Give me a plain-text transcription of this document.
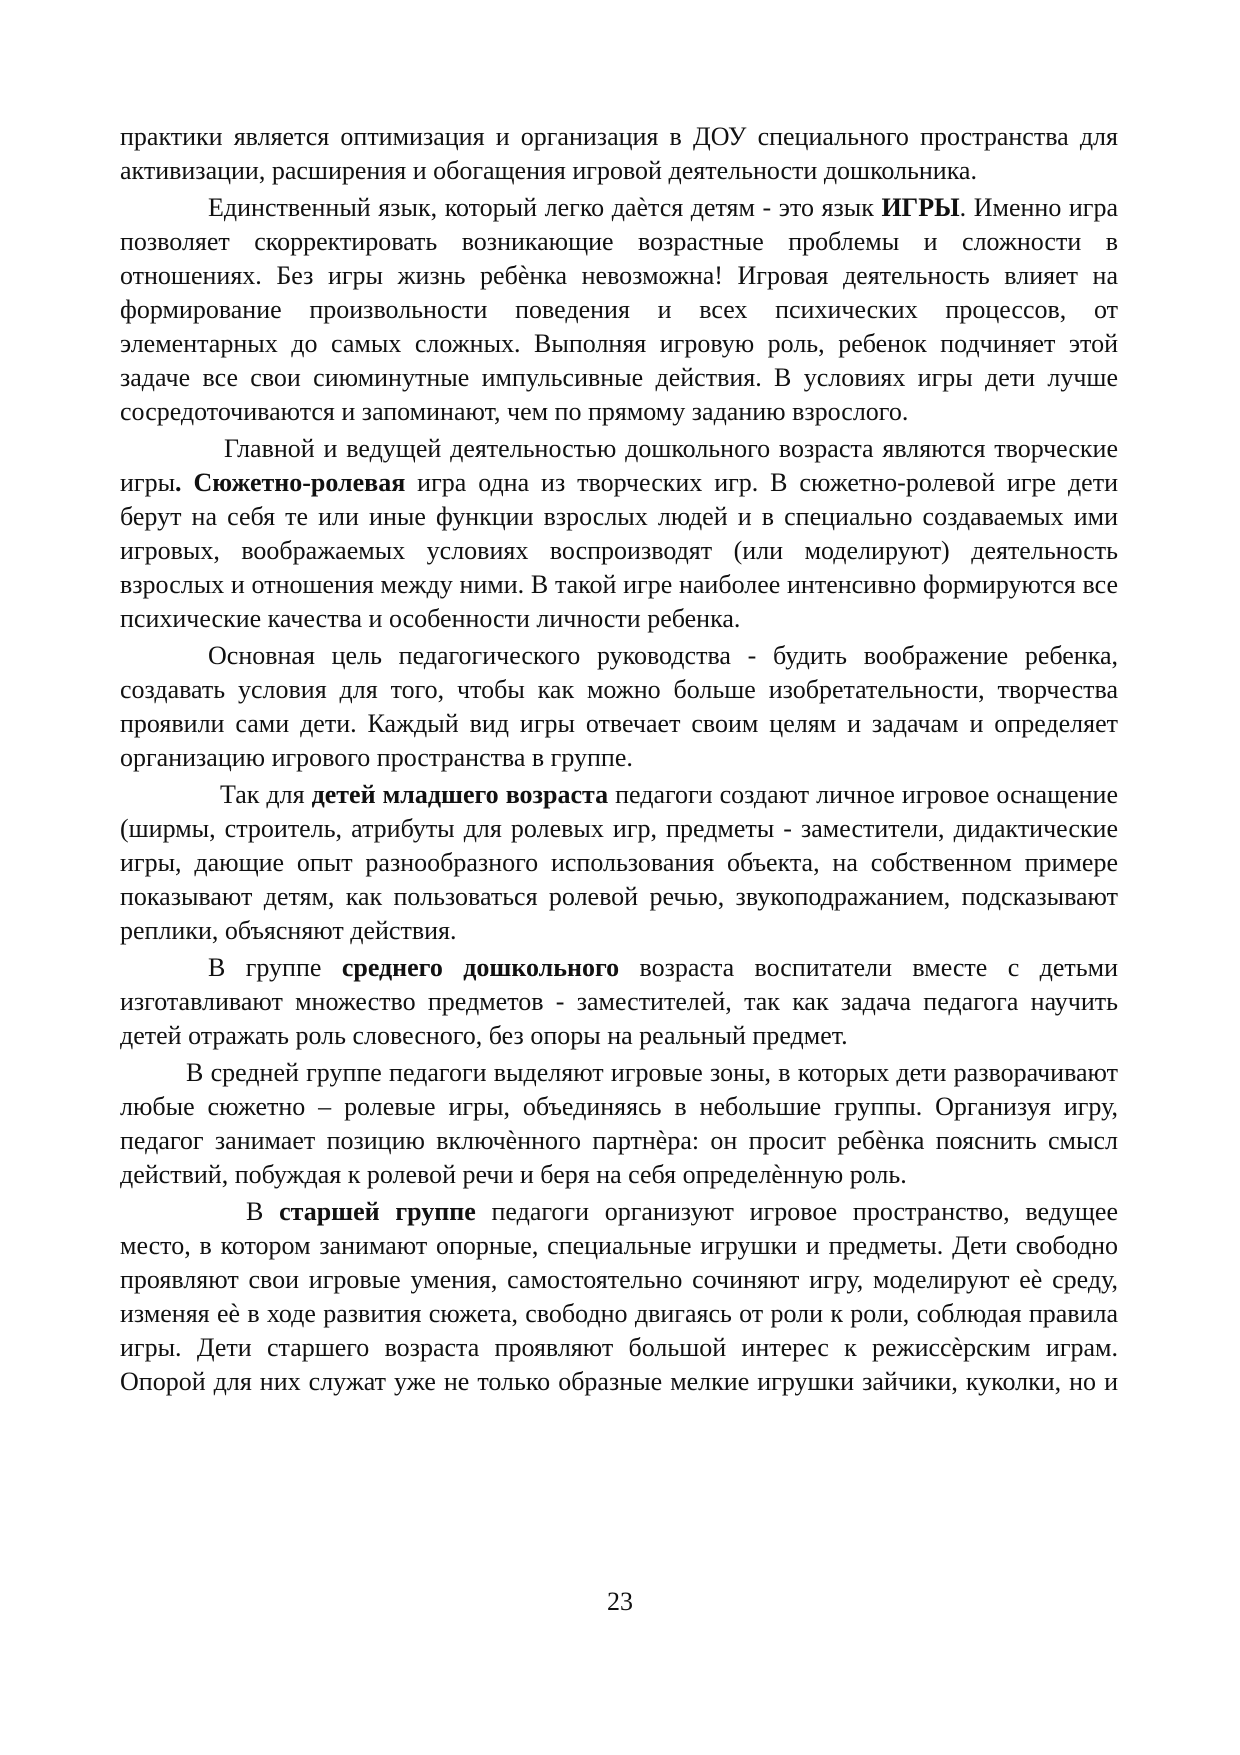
практики является оптимизация и организация в ДОУ специального пространства для активизации, расширения и обогащения игровой деятельности дошкольника.

Единственный язык, который легко даѐтся детям - это язык ИГРЫ. Именно игра позволяет скорректировать возникающие возрастные проблемы и сложности в отношениях. Без игры жизнь ребѐнка невозможна! Игровая деятельность влияет на формирование произвольности поведения и всех психических процессов, от элементарных до самых сложных. Выполняя игровую роль, ребенок подчиняет этой задаче все свои сиюминутные импульсивные действия. В условиях игры дети лучше сосредоточиваются и запоминают, чем по прямому заданию взрослого.

Главной и ведущей деятельностью дошкольного возраста являются творческие игры. Сюжетно-ролевая игра одна из творческих игр. В сюжетно-ролевой игре дети берут на себя те или иные функции взрослых людей и в специально создаваемых ими игровых, воображаемых условиях воспроизводят (или моделируют) деятельность взрослых и отношения между ними. В такой игре наиболее интенсивно формируются все психические качества и особенности личности ребенка.

Основная цель педагогического руководства - будить воображение ребенка, создавать условия для того, чтобы как можно больше изобретательности, творчества проявили сами дети. Каждый вид игры отвечает своим целям и задачам и определяет организацию игрового пространства в группе.

Так для детей младшего возраста педагоги создают личное игровое оснащение (ширмы, строитель, атрибуты для ролевых игр, предметы - заместители, дидактические игры, дающие опыт разнообразного использования объекта, на собственном примере показывают детям, как пользоваться ролевой речью, звукоподражанием, подсказывают реплики, объясняют действия.

В группе среднего дошкольного возраста воспитатели вместе с детьми изготавливают множество предметов - заместителей, так как задача педагога научить детей отражать роль словесного, без опоры на реальный предмет.

В средней группе педагоги выделяют игровые зоны, в которых дети разворачивают любые сюжетно – ролевые игры, объединяясь в небольшие группы. Организуя игру, педагог занимает позицию включѐнного партнѐра: он просит ребѐнка пояснить смысл действий, побуждая к ролевой речи и беря на себя определѐнную роль.

В старшей группе педагоги организуют игровое пространство, ведущее место, в котором занимают опорные, специальные игрушки и предметы. Дети свободно проявляют свои игровые умения, самостоятельно сочиняют игру, моделируют еѐ среду, изменяя еѐ в ходе развития сюжета, свободно двигаясь от роли к роли, соблюдая правила игры. Дети старшего возраста проявляют большой интерес к режиссѐрским играм. Опорой для них служат уже не только образные мелкие игрушки зайчики, куколки, но и

23
